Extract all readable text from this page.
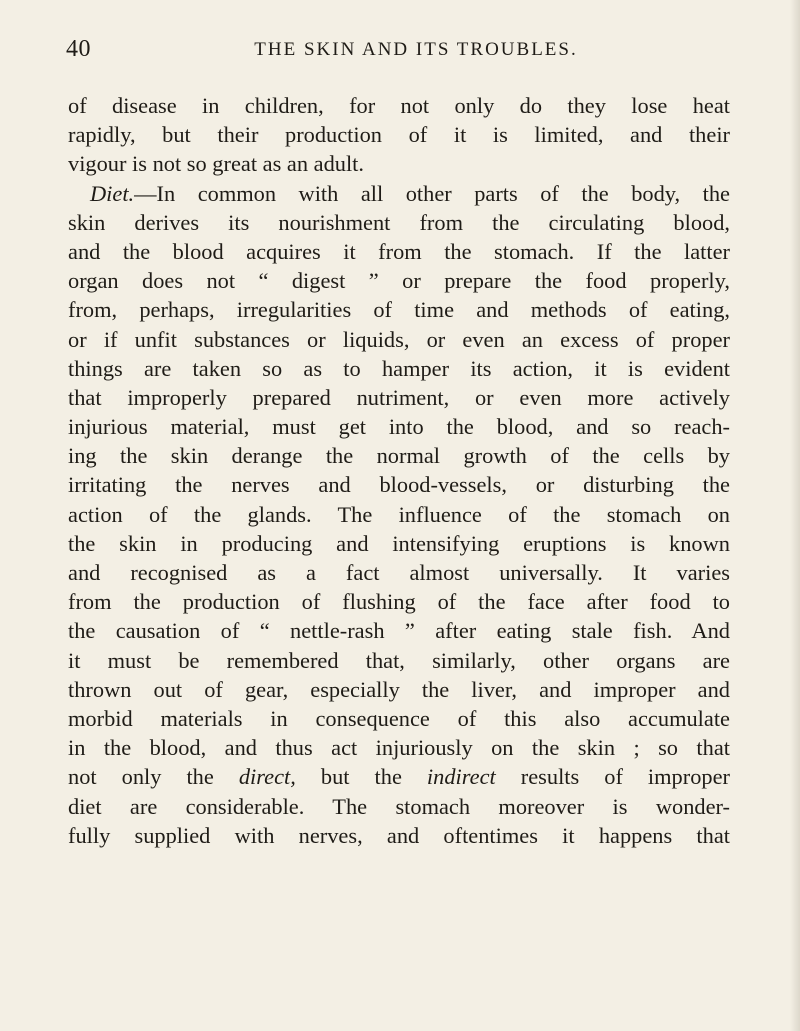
40	THE SKIN AND ITS TROUBLES.
of disease in children, for not only do they lose heat
rapidly, but their production of it is limited, and their
vigour is not so great as an adult.
Diet.—In common with all other parts of the body, the
skin derives its nourishment from the circulating blood,
and the blood acquires it from the stomach. If the latter
organ does not “ digest ” or prepare the food properly,
from, perhaps, irregularities of time and methods of eating,
or if unfit substances or liquids, or even an excess of proper
things are taken so as to hamper its action, it is evident
that improperly prepared nutriment, or even more actively
injurious material, must get into the blood, and so reach-
ing the skin derange the normal growth of the cells by
irritating the nerves and blood-vessels, or disturbing the
action of the glands. The influence of the stomach on
the skin in producing and intensifying eruptions is known
and recognised as a fact almost universally. It varies
from the production of flushing of the face after food to
the causation of “ nettle-rash ” after eating stale fish. And
it must be remembered that, similarly, other organs are
thrown out of gear, especially the liver, and improper and
morbid materials in consequence of this also accumulate
in the blood, and thus act injuriously on the skin ; so that
not only the direct, but the indirect results of improper
diet are considerable. The stomach moreover is wonder-
fully supplied with nerves, and oftentimes it happens that
